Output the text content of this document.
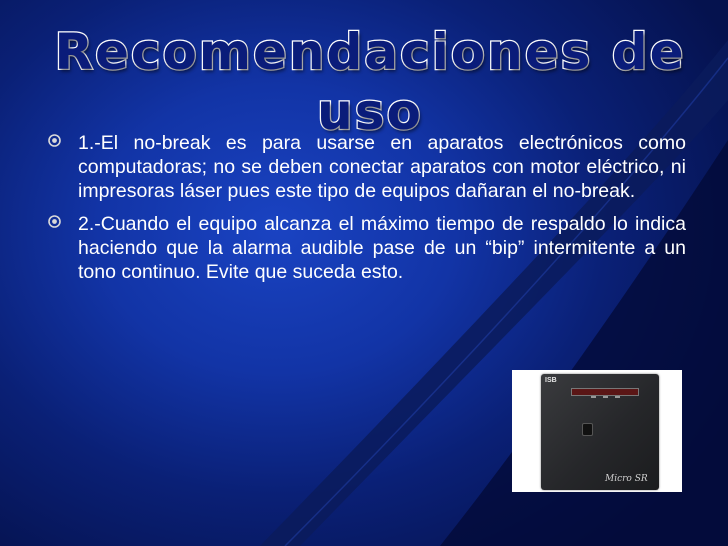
Recomendaciones de uso
1.-El no-break es para usarse en aparatos electrónicos como computadoras; no se deben conectar aparatos con motor eléctrico, ni impresoras láser pues este tipo de equipos dañaran el no-break.
2.-Cuando el equipo alcanza el máximo tiempo de respaldo lo indica haciendo que la alarma audible pase de un “bip” intermitente a un tono continuo. Evite que suceda esto.
ISB
Micro SR
